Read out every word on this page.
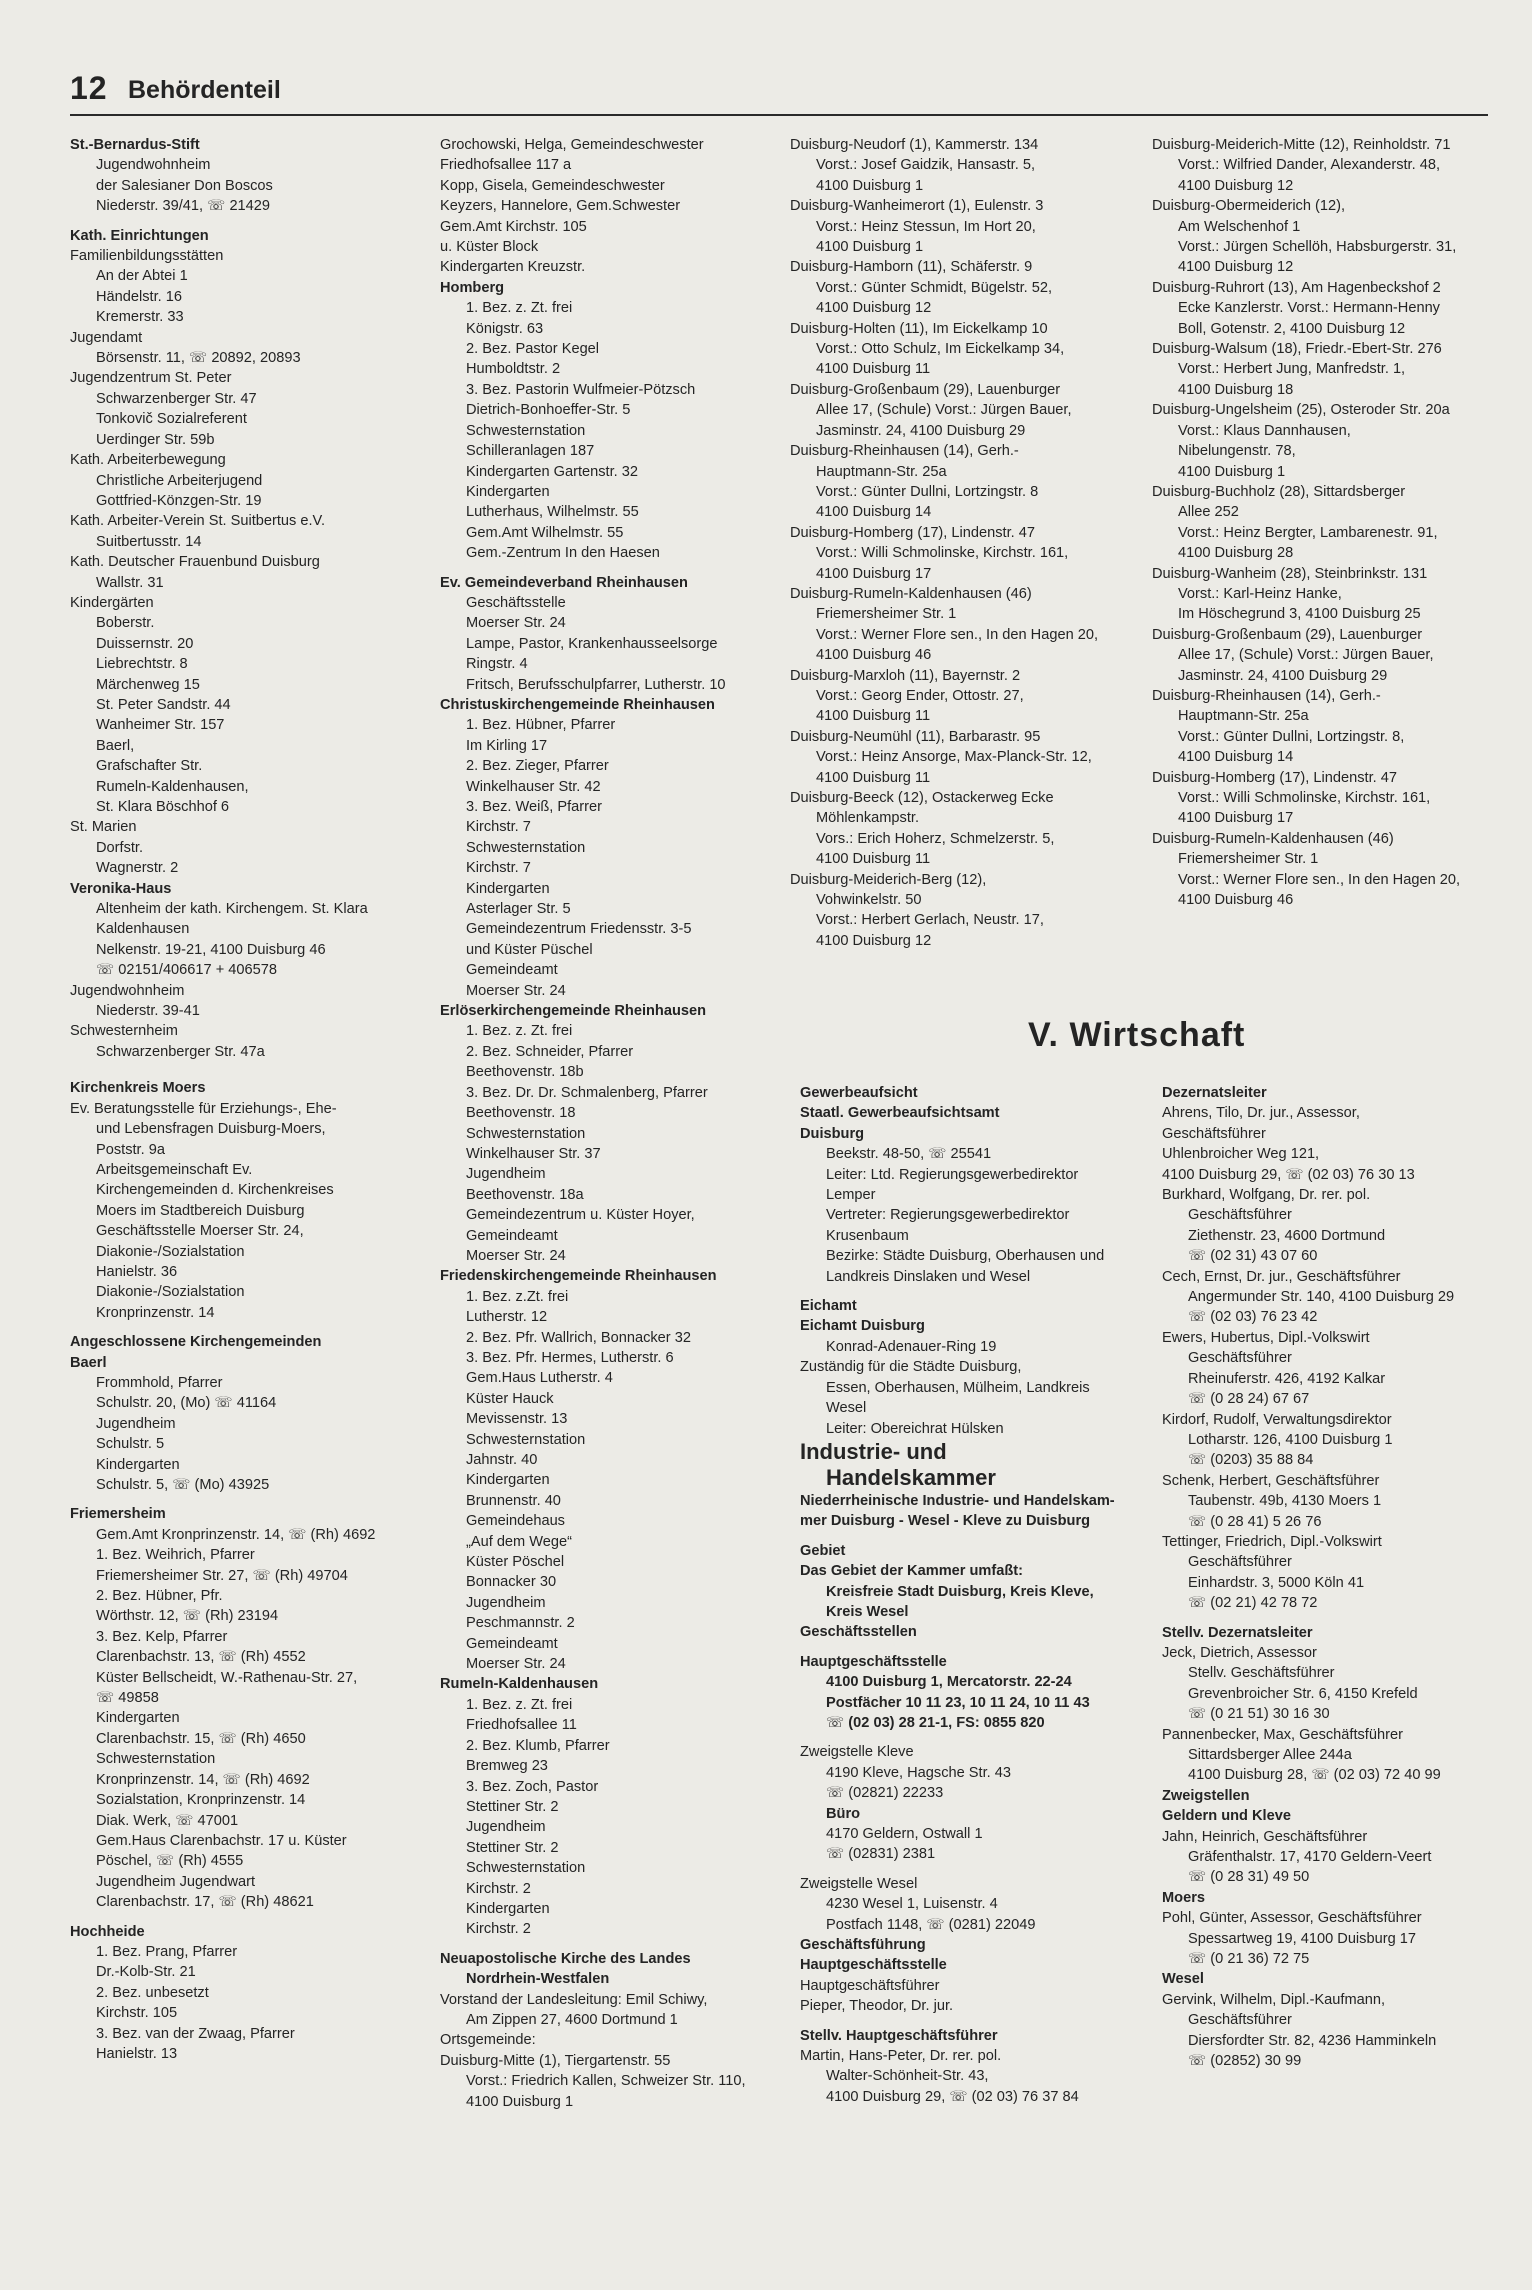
12 Behördenteil
St.-Bernardus-Stift
Jugendwohnheim
der Salesianer Don Boscos
Niederstr. 39/41, ☏ 21429
Kath. Einrichtungen
Familienbildungsstätten
An der Abtei 1
Händelstr. 16
Kremerstr. 33
Jugendamt
Börsenstr. 11, ☏ 20892, 20893
Jugendzentrum St. Peter
Schwarzenberger Str. 47
Tonkovič Sozialreferent
Uerdinger Str. 59b
Kath. Arbeiterbewegung
Christliche Arbeiterjugend
Gottfried-Könzgen-Str. 19
Kath. Arbeiter-Verein St. Suitbertus e.V.
Suitbertusstr. 14
Kath. Deutscher Frauenbund Duisburg
Wallstr. 31
Kindergärten
Boberstr.
Duissernstr. 20
Liebrechtstr. 8
Märchenweg 15
St. Peter Sandstr. 44
Wanheimer Str. 157
Baerl,
Grafschafter Str.
Rumeln-Kaldenhausen,
St. Klara Böschhof 6
St. Marien
Dorfstr.
Wagnerstr. 2
Veronika-Haus
Altenheim der kath. Kirchengem. St. Klara
Kaldenhausen
Nelkenstr. 19-21, 4100 Duisburg 46
☏ 02151/406617 + 406578
Jugendwohnheim
Niederstr. 39-41
Schwesternheim
Schwarzenberger Str. 47a
Kirchenkreis Moers
Ev. Beratungsstelle für Erziehungs-, Ehe-
und Lebensfragen Duisburg-Moers,
Poststr. 9a
Arbeitsgemeinschaft Ev.
Kirchengemeinden d. Kirchenkreises
Moers im Stadtbereich Duisburg
Geschäftsstelle Moerser Str. 24,
Diakonie-/Sozialstation
Hanielstr. 36
Diakonie-/Sozialstation
Kronprinzenstr. 14
Angeschlossene Kirchengemeinden
Baerl
Frommhold, Pfarrer
Schulstr. 20, (Mo) ☏ 41164
Jugendheim
Schulstr. 5
Kindergarten
Schulstr. 5, ☏ (Mo) 43925
Friemersheim
Gem.Amt Kronprinzenstr. 14, ☏ (Rh) 4692
1. Bez. Weihrich, Pfarrer
Friemersheimer Str. 27, ☏ (Rh) 49704
2. Bez. Hübner, Pfr.
Wörthstr. 12, ☏ (Rh) 23194
3. Bez. Kelp, Pfarrer
Clarenbachstr. 13, ☏ (Rh) 4552
Küster Bellscheidt, W.-Rathenau-Str. 27,
☏ 49858
Kindergarten
Clarenbachstr. 15, ☏ (Rh) 4650
Schwesternstation
Kronprinzenstr. 14, ☏ (Rh) 4692
Sozialstation, Kronprinzenstr. 14
Diak. Werk, ☏ 47001
Gem.Haus Clarenbachstr. 17 u. Küster
Pöschel, ☏ (Rh) 4555
Jugendheim Jugendwart
Clarenbachstr. 17, ☏ (Rh) 48621
Hochheide
1. Bez. Prang, Pfarrer
Dr.-Kolb-Str. 21
2. Bez. unbesetzt
Kirchstr. 105
3. Bez. van der Zwaag, Pfarrer
Hanielstr. 13
Grochowski, Helga, Gemeindeschwester
Friedhofsallee 117 a
Kopp, Gisela, Gemeindeschwester
Keyzers, Hannelore, Gem.Schwester
Gem.Amt Kirchstr. 105
u. Küster Block
Kindergarten Kreuzstr.
Homberg
1. Bez. z. Zt. frei
Königstr. 63
2. Bez. Pastor Kegel
Humboldtstr. 2
3. Bez. Pastorin Wulfmeier-Pötzsch
Dietrich-Bonhoeffer-Str. 5
Schwesternstation
Schilleranlagen 187
Kindergarten Gartenstr. 32
Kindergarten
Lutherhaus, Wilhelmstr. 55
Gem.Amt Wilhelmstr. 55
Gem.-Zentrum In den Haesen
Ev. Gemeindeverband Rheinhausen
Geschäftsstelle
Moerser Str. 24
Lampe, Pastor, Krankenhausseelsorge
Ringstr. 4
Fritsch, Berufsschulpfarrer, Lutherstr. 10
Christuskirchengemeinde Rheinhausen
1. Bez. Hübner, Pfarrer
Im Kirling 17
2. Bez. Zieger, Pfarrer
Winkelhauser Str. 42
3. Bez. Weiß, Pfarrer
Kirchstr. 7
Schwesternstation
Kirchstr. 7
Kindergarten
Asterlager Str. 5
Gemeindezentrum Friedensstr. 3-5
und Küster Püschel
Gemeindeamt
Moerser Str. 24
Erlöserkirchengemeinde Rheinhausen
1. Bez. z. Zt. frei
2. Bez. Schneider, Pfarrer
Beethovenstr. 18b
3. Bez. Dr. Dr. Schmalenberg, Pfarrer
Beethovenstr. 18
Schwesternstation
Winkelhauser Str. 37
Jugendheim
Beethovenstr. 18a
Gemeindezentrum u. Küster Hoyer,
Gemeindeamt
Moerser Str. 24
Friedenskirchengemeinde Rheinhausen
1. Bez. z.Zt. frei
Lutherstr. 12
2. Bez. Pfr. Wallrich, Bonnacker 32
3. Bez. Pfr. Hermes, Lutherstr. 6
Gem.Haus Lutherstr. 4
Küster Hauck
Mevissenstr. 13
Schwesternstation
Jahnstr. 40
Kindergarten
Brunnenstr. 40
Gemeindehaus
„Auf dem Wege“
Küster Pöschel
Bonnacker 30
Jugendheim
Peschmannstr. 2
Gemeindeamt
Moerser Str. 24
Rumeln-Kaldenhausen
1. Bez. z. Zt. frei
Friedhofsallee 11
2. Bez. Klumb, Pfarrer
Bremweg 23
3. Bez. Zoch, Pastor
Stettiner Str. 2
Jugendheim
Stettiner Str. 2
Schwesternstation
Kirchstr. 2
Kindergarten
Kirchstr. 2
Neuapostolische Kirche des Landes
Nordrhein-Westfalen
Vorstand der Landesleitung: Emil Schiwy,
Am Zippen 27, 4600 Dortmund 1
Ortsgemeinde:
Duisburg-Mitte (1), Tiergartenstr. 55
Vorst.: Friedrich Kallen, Schweizer Str. 110,
4100 Duisburg 1
Duisburg-Neudorf (1), Kammerstr. 134
Vorst.: Josef Gaidzik, Hansastr. 5,
4100 Duisburg 1
Duisburg-Wanheimerort (1), Eulenstr. 3
Vorst.: Heinz Stessun, Im Hort 20,
4100 Duisburg 1
Duisburg-Hamborn (11), Schäferstr. 9
Vorst.: Günter Schmidt, Bügelstr. 52,
4100 Duisburg 12
Duisburg-Holten (11), Im Eickelkamp 10
Vorst.: Otto Schulz, Im Eickelkamp 34,
4100 Duisburg 11
Duisburg-Großenbaum (29), Lauenburger
Allee 17, (Schule) Vorst.: Jürgen Bauer,
Jasminstr. 24, 4100 Duisburg 29
Duisburg-Rheinhausen (14), Gerh.-
Hauptmann-Str. 25a
Vorst.: Günter Dullni, Lortzingstr. 8
4100 Duisburg 14
Duisburg-Homberg (17), Lindenstr. 47
Vorst.: Willi Schmolinske, Kirchstr. 161,
4100 Duisburg 17
Duisburg-Rumeln-Kaldenhausen (46)
Friemersheimer Str. 1
Vorst.: Werner Flore sen., In den Hagen 20,
4100 Duisburg 46
Duisburg-Marxloh (11), Bayernstr. 2
Vorst.: Georg Ender, Ottostr. 27,
4100 Duisburg 11
Duisburg-Neumühl (11), Barbarastr. 95
Vorst.: Heinz Ansorge, Max-Planck-Str. 12,
4100 Duisburg 11
Duisburg-Beeck (12), Ostackerweg Ecke
Möhlenkampstr.
Vors.: Erich Hoherz, Schmelzerstr. 5,
4100 Duisburg 11
Duisburg-Meiderich-Berg (12),
Vohwinkelstr. 50
Vorst.: Herbert Gerlach, Neustr. 17,
4100 Duisburg 12
Duisburg-Meiderich-Mitte (12), Reinholdstr. 71
Vorst.: Wilfried Dander, Alexanderstr. 48,
4100 Duisburg 12
Duisburg-Obermeiderich (12),
Am Welschenhof 1
Vorst.: Jürgen Schellöh, Habsburgerstr. 31,
4100 Duisburg 12
Duisburg-Ruhrort (13), Am Hagenbeckshof 2
Ecke Kanzlerstr. Vorst.: Hermann-Henny
Boll, Gotenstr. 2, 4100 Duisburg 12
Duisburg-Walsum (18), Friedr.-Ebert-Str. 276
Vorst.: Herbert Jung, Manfredstr. 1,
4100 Duisburg 18
Duisburg-Ungelsheim (25), Osteroder Str. 20a
Vorst.: Klaus Dannhausen,
Nibelungenstr. 78,
4100 Duisburg 1
Duisburg-Buchholz (28), Sittardsberger
Allee 252
Vorst.: Heinz Bergter, Lambarenestr. 91,
4100 Duisburg 28
Duisburg-Wanheim (28), Steinbrinkstr. 131
Vorst.: Karl-Heinz Hanke,
Im Höschegrund 3, 4100 Duisburg 25
Duisburg-Großenbaum (29), Lauenburger
Allee 17, (Schule) Vorst.: Jürgen Bauer,
Jasminstr. 24, 4100 Duisburg 29
Duisburg-Rheinhausen (14), Gerh.-
Hauptmann-Str. 25a
Vorst.: Günter Dullni, Lortzingstr. 8,
4100 Duisburg 14
Duisburg-Homberg (17), Lindenstr. 47
Vorst.: Willi Schmolinske, Kirchstr. 161,
4100 Duisburg 17
Duisburg-Rumeln-Kaldenhausen (46)
Friemersheimer Str. 1
Vorst.: Werner Flore sen., In den Hagen 20,
4100 Duisburg 46
V. Wirtschaft
Gewerbeaufsicht
Staatl. Gewerbeaufsichtsamt
Duisburg
Beekstr. 48-50, ☏ 25541
Leiter: Ltd. Regierungsgewerbedirektor
Lemper
Vertreter: Regierungsgewerbedirektor
Krusenbaum
Bezirke: Städte Duisburg, Oberhausen und
Landkreis Dinslaken und Wesel
Eichamt
Eichamt Duisburg
Konrad-Adenauer-Ring 19
Zuständig für die Städte Duisburg,
Essen, Oberhausen, Mülheim, Landkreis
Wesel
Leiter: Obereichrat Hülsken
Industrie- und
Handelskammer
Niederrheinische Industrie- und Handelskam-
mer Duisburg - Wesel - Kleve zu Duisburg
Gebiet
Das Gebiet der Kammer umfaßt:
Kreisfreie Stadt Duisburg, Kreis Kleve,
Kreis Wesel
Geschäftsstellen
Hauptgeschäftsstelle
4100 Duisburg 1, Mercatorstr. 22-24
Postfächer 10 11 23, 10 11 24, 10 11 43
☏ (02 03) 28 21-1, FS: 0855 820
Zweigstelle Kleve
4190 Kleve, Hagsche Str. 43
☏ (02821) 22233
Büro
4170 Geldern, Ostwall 1
☏ (02831) 2381
Zweigstelle Wesel
4230 Wesel 1, Luisenstr. 4
Postfach 1148, ☏ (0281) 22049
Geschäftsführung
Hauptgeschäftsstelle
Hauptgeschäftsführer
Pieper, Theodor, Dr. jur.
Stellv. Hauptgeschäftsführer
Martin, Hans-Peter, Dr. rer. pol.
Walter-Schönheit-Str. 43,
4100 Duisburg 29, ☏ (02 03) 76 37 84
Dezernatsleiter
Ahrens, Tilo, Dr. jur., Assessor,
Geschäftsführer
Uhlenbroicher Weg 121,
4100 Duisburg 29, ☏ (02 03) 76 30 13
Burkhard, Wolfgang, Dr. rer. pol.
Geschäftsführer
Ziethenstr. 23, 4600 Dortmund
☏ (02 31) 43 07 60
Cech, Ernst, Dr. jur., Geschäftsführer
Angermunder Str. 140, 4100 Duisburg 29
☏ (02 03) 76 23 42
Ewers, Hubertus, Dipl.-Volkswirt
Geschäftsführer
Rheinuferstr. 426, 4192 Kalkar
☏ (0 28 24) 67 67
Kirdorf, Rudolf, Verwaltungsdirektor
Lotharstr. 126, 4100 Duisburg 1
☏ (0203) 35 88 84
Schenk, Herbert, Geschäftsführer
Taubenstr. 49b, 4130 Moers 1
☏ (0 28 41) 5 26 76
Tettinger, Friedrich, Dipl.-Volkswirt
Geschäftsführer
Einhardstr. 3, 5000 Köln 41
☏ (02 21) 42 78 72
Stellv. Dezernatsleiter
Jeck, Dietrich, Assessor
Stellv. Geschäftsführer
Grevenbroicher Str. 6, 4150 Krefeld
☏ (0 21 51) 30 16 30
Pannenbecker, Max, Geschäftsführer
Sittardsberger Allee 244a
4100 Duisburg 28, ☏ (02 03) 72 40 99
Zweigstellen
Geldern und Kleve
Jahn, Heinrich, Geschäftsführer
Gräfenthalstr. 17, 4170 Geldern-Veert
☏ (0 28 31) 49 50
Moers
Pohl, Günter, Assessor, Geschäftsführer
Spessartweg 19, 4100 Duisburg 17
☏ (0 21 36) 72 75
Wesel
Gervink, Wilhelm, Dipl.-Kaufmann,
Geschäftsführer
Diersfordter Str. 82, 4236 Hamminkeln
☏ (02852) 30 99
